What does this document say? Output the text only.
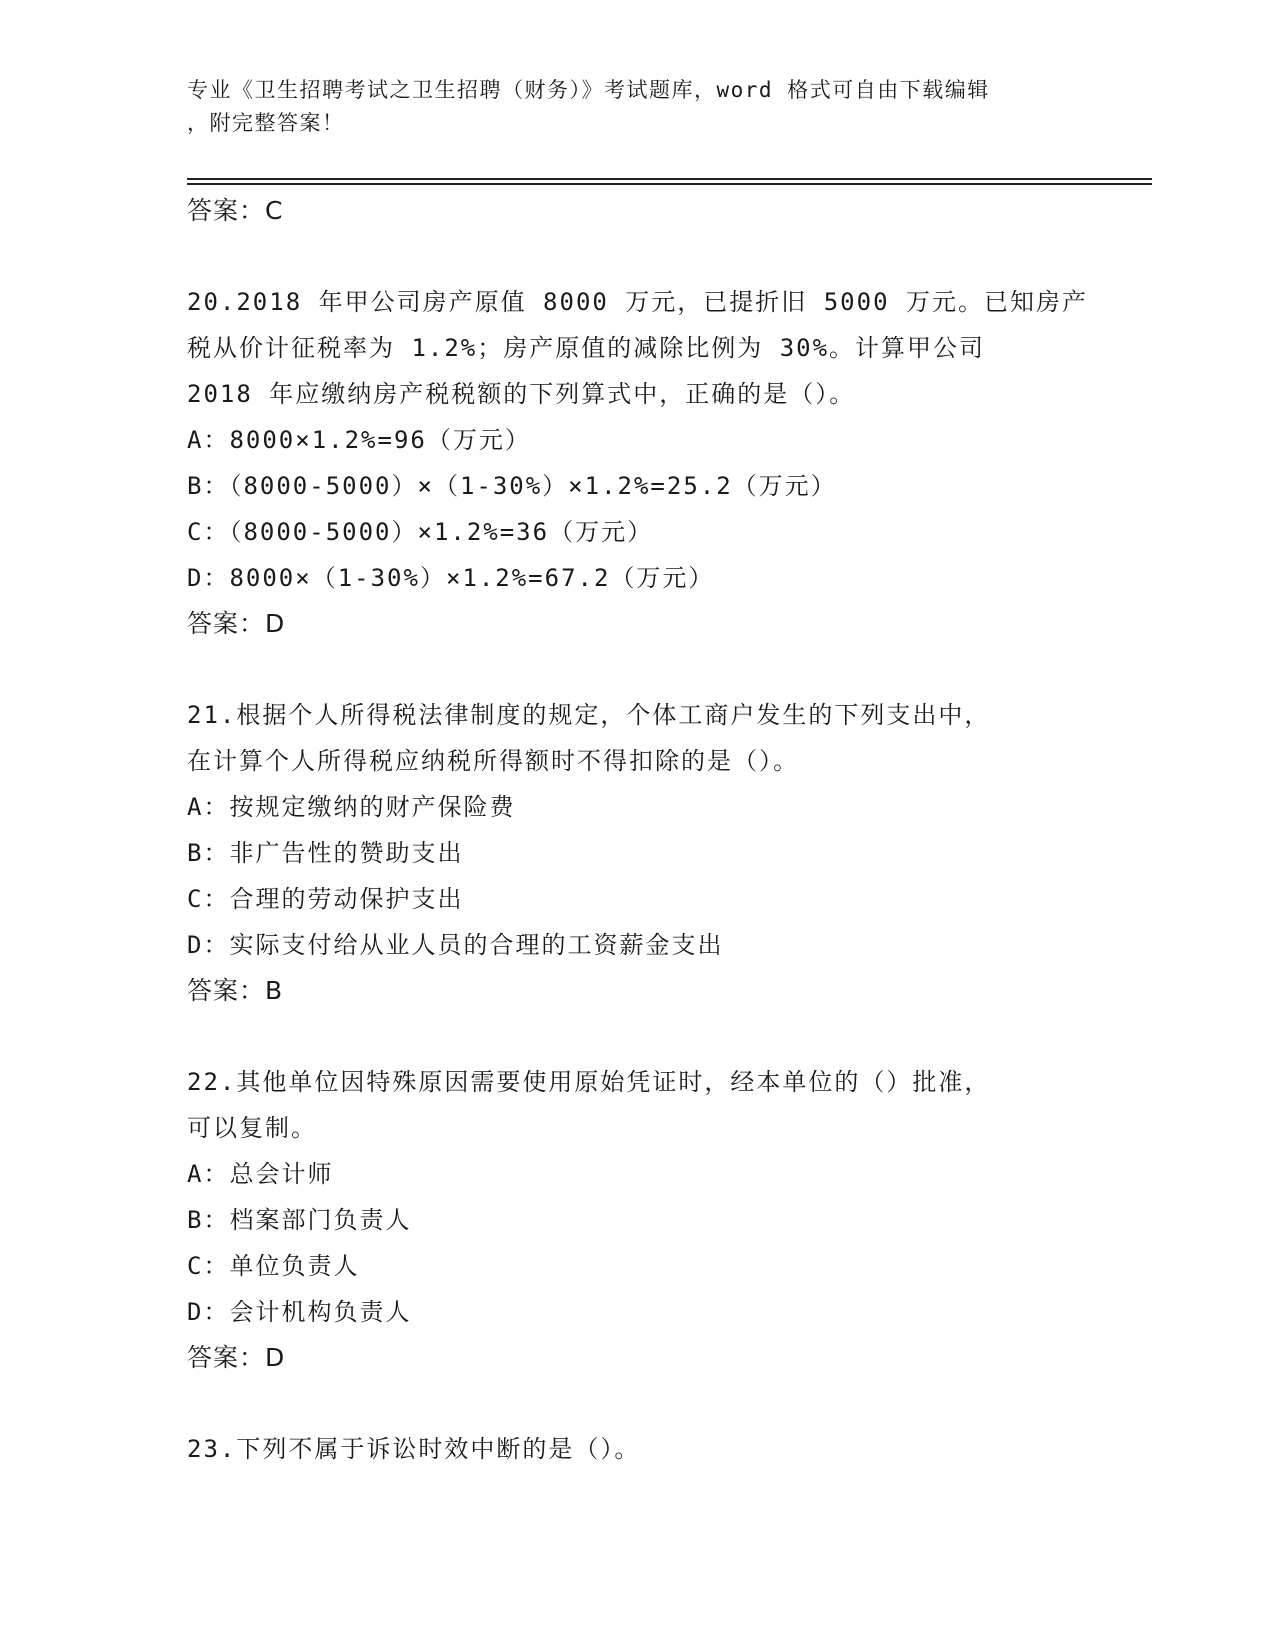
专业《卫生招聘考试之卫生招聘（财务）》考试题库，word 格式可自由下载编辑
，附完整答案！
答案：C
20.2018 年甲公司房产原值 8000 万元，已提折旧 5000 万元。已知房产
税从价计征税率为 1.2%；房产原值的减除比例为 30%。计算甲公司
2018 年应缴纳房产税税额的下列算式中，正确的是（）。
A：8000×1.2%=96（万元）
B：（8000-5000）×（1-30%）×1.2%=25.2（万元）
C：（8000-5000）×1.2%=36（万元）
D：8000×（1-30%）×1.2%=67.2（万元）
答案：D
21.根据个人所得税法律制度的规定，个体工商户发生的下列支出中，
在计算个人所得税应纳税所得额时不得扣除的是（）。
A：按规定缴纳的财产保险费
B：非广告性的赞助支出
C：合理的劳动保护支出
D：实际支付给从业人员的合理的工资薪金支出
答案：B
22.其他单位因特殊原因需要使用原始凭证时，经本单位的（）批准，
可以复制。
A：总会计师
B：档案部门负责人
C：单位负责人
D：会计机构负责人
答案：D
23.下列不属于诉讼时效中断的是（）。
